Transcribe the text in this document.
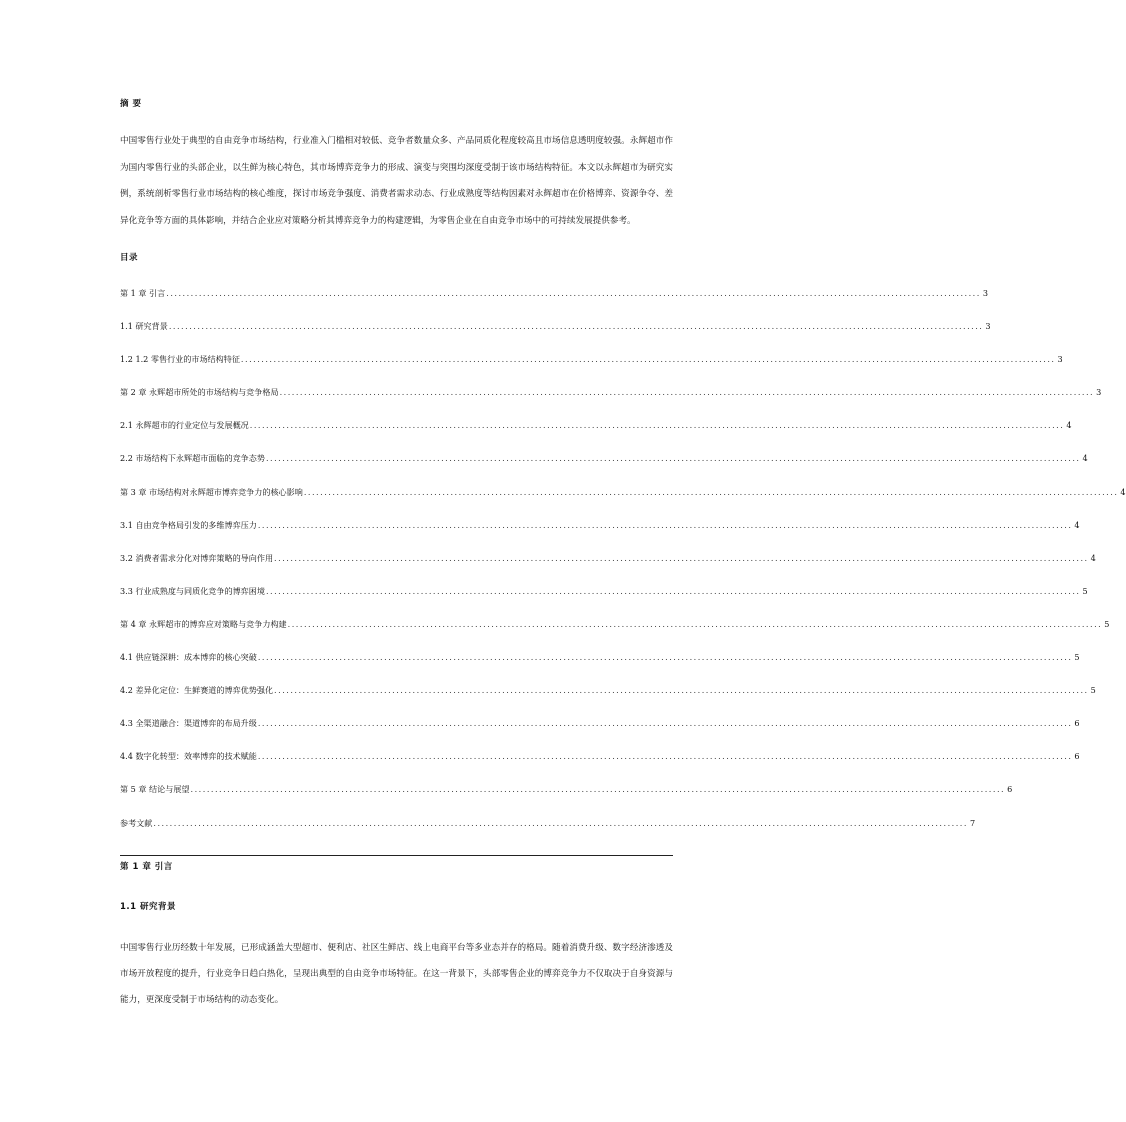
摘 要
中国零售行业处于典型的自由竞争市场结构，行业准入门槛相对较低、竞争者数量众多、产品同质化程度较高且市场信息透明度较强。永辉超市作为国内零售行业的头部企业，以生鲜为核心特色，其市场博弈竞争力的形成、演变与突围均深度受制于该市场结构特征。本文以永辉超市为研究实例，系统剖析零售行业市场结构的核心维度，探讨市场竞争强度、消费者需求动态、行业成熟度等结构因素对永辉超市在价格博弈、资源争夺、差异化竞争等方面的具体影响，并结合企业应对策略分析其博弈竞争力的构建逻辑，为零售企业在自由竞争市场中的可持续发展提供参考。
目录
第 1 章 引言 ........................................................................................................................................................................................................ 3
1.1 研究背景 ........................................................................................................................................................................................................ 3
1.2 1.2 零售行业的市场结构特征 ........................................................................................................................................................................................................ 3
第 2 章 永辉超市所处的市场结构与竞争格局 ........................................................................................................................................................................................................ 3
2.1 永辉超市的行业定位与发展概况 ........................................................................................................................................................................................................ 4
2.2 市场结构下永辉超市面临的竞争态势 ........................................................................................................................................................................................................ 4
第 3 章 市场结构对永辉超市博弈竞争力的核心影响 ........................................................................................................................................................................................................ 4
3.1 自由竞争格局引发的多维博弈压力 ........................................................................................................................................................................................................ 4
3.2 消费者需求分化对博弈策略的导向作用 ........................................................................................................................................................................................................ 4
3.3 行业成熟度与同质化竞争的博弈困境 ........................................................................................................................................................................................................ 5
第 4 章 永辉超市的博弈应对策略与竞争力构建 ........................................................................................................................................................................................................ 5
4.1 供应链深耕：成本博弈的核心突破 ........................................................................................................................................................................................................ 5
4.2 差异化定位：生鲜赛道的博弈优势强化 ........................................................................................................................................................................................................ 5
4.3 全渠道融合：渠道博弈的布局升级 ........................................................................................................................................................................................................ 6
4.4 数字化转型：效率博弈的技术赋能 ........................................................................................................................................................................................................ 6
第 5 章 结论与展望 ........................................................................................................................................................................................................ 6
参考文献 ........................................................................................................................................................................................................ 7
第 1 章 引言
1.1 研究背景
中国零售行业历经数十年发展，已形成涵盖大型超市、便利店、社区生鲜店、线上电商平台等多业态并存的格局。随着消费升级、数字经济渗透及市场开放程度的提升，行业竞争日趋白热化，呈现出典型的自由竞争市场特征。在这一背景下，头部零售企业的博弈竞争力不仅取决于自身资源与能力，更深度受制于市场结构的动态变化。
